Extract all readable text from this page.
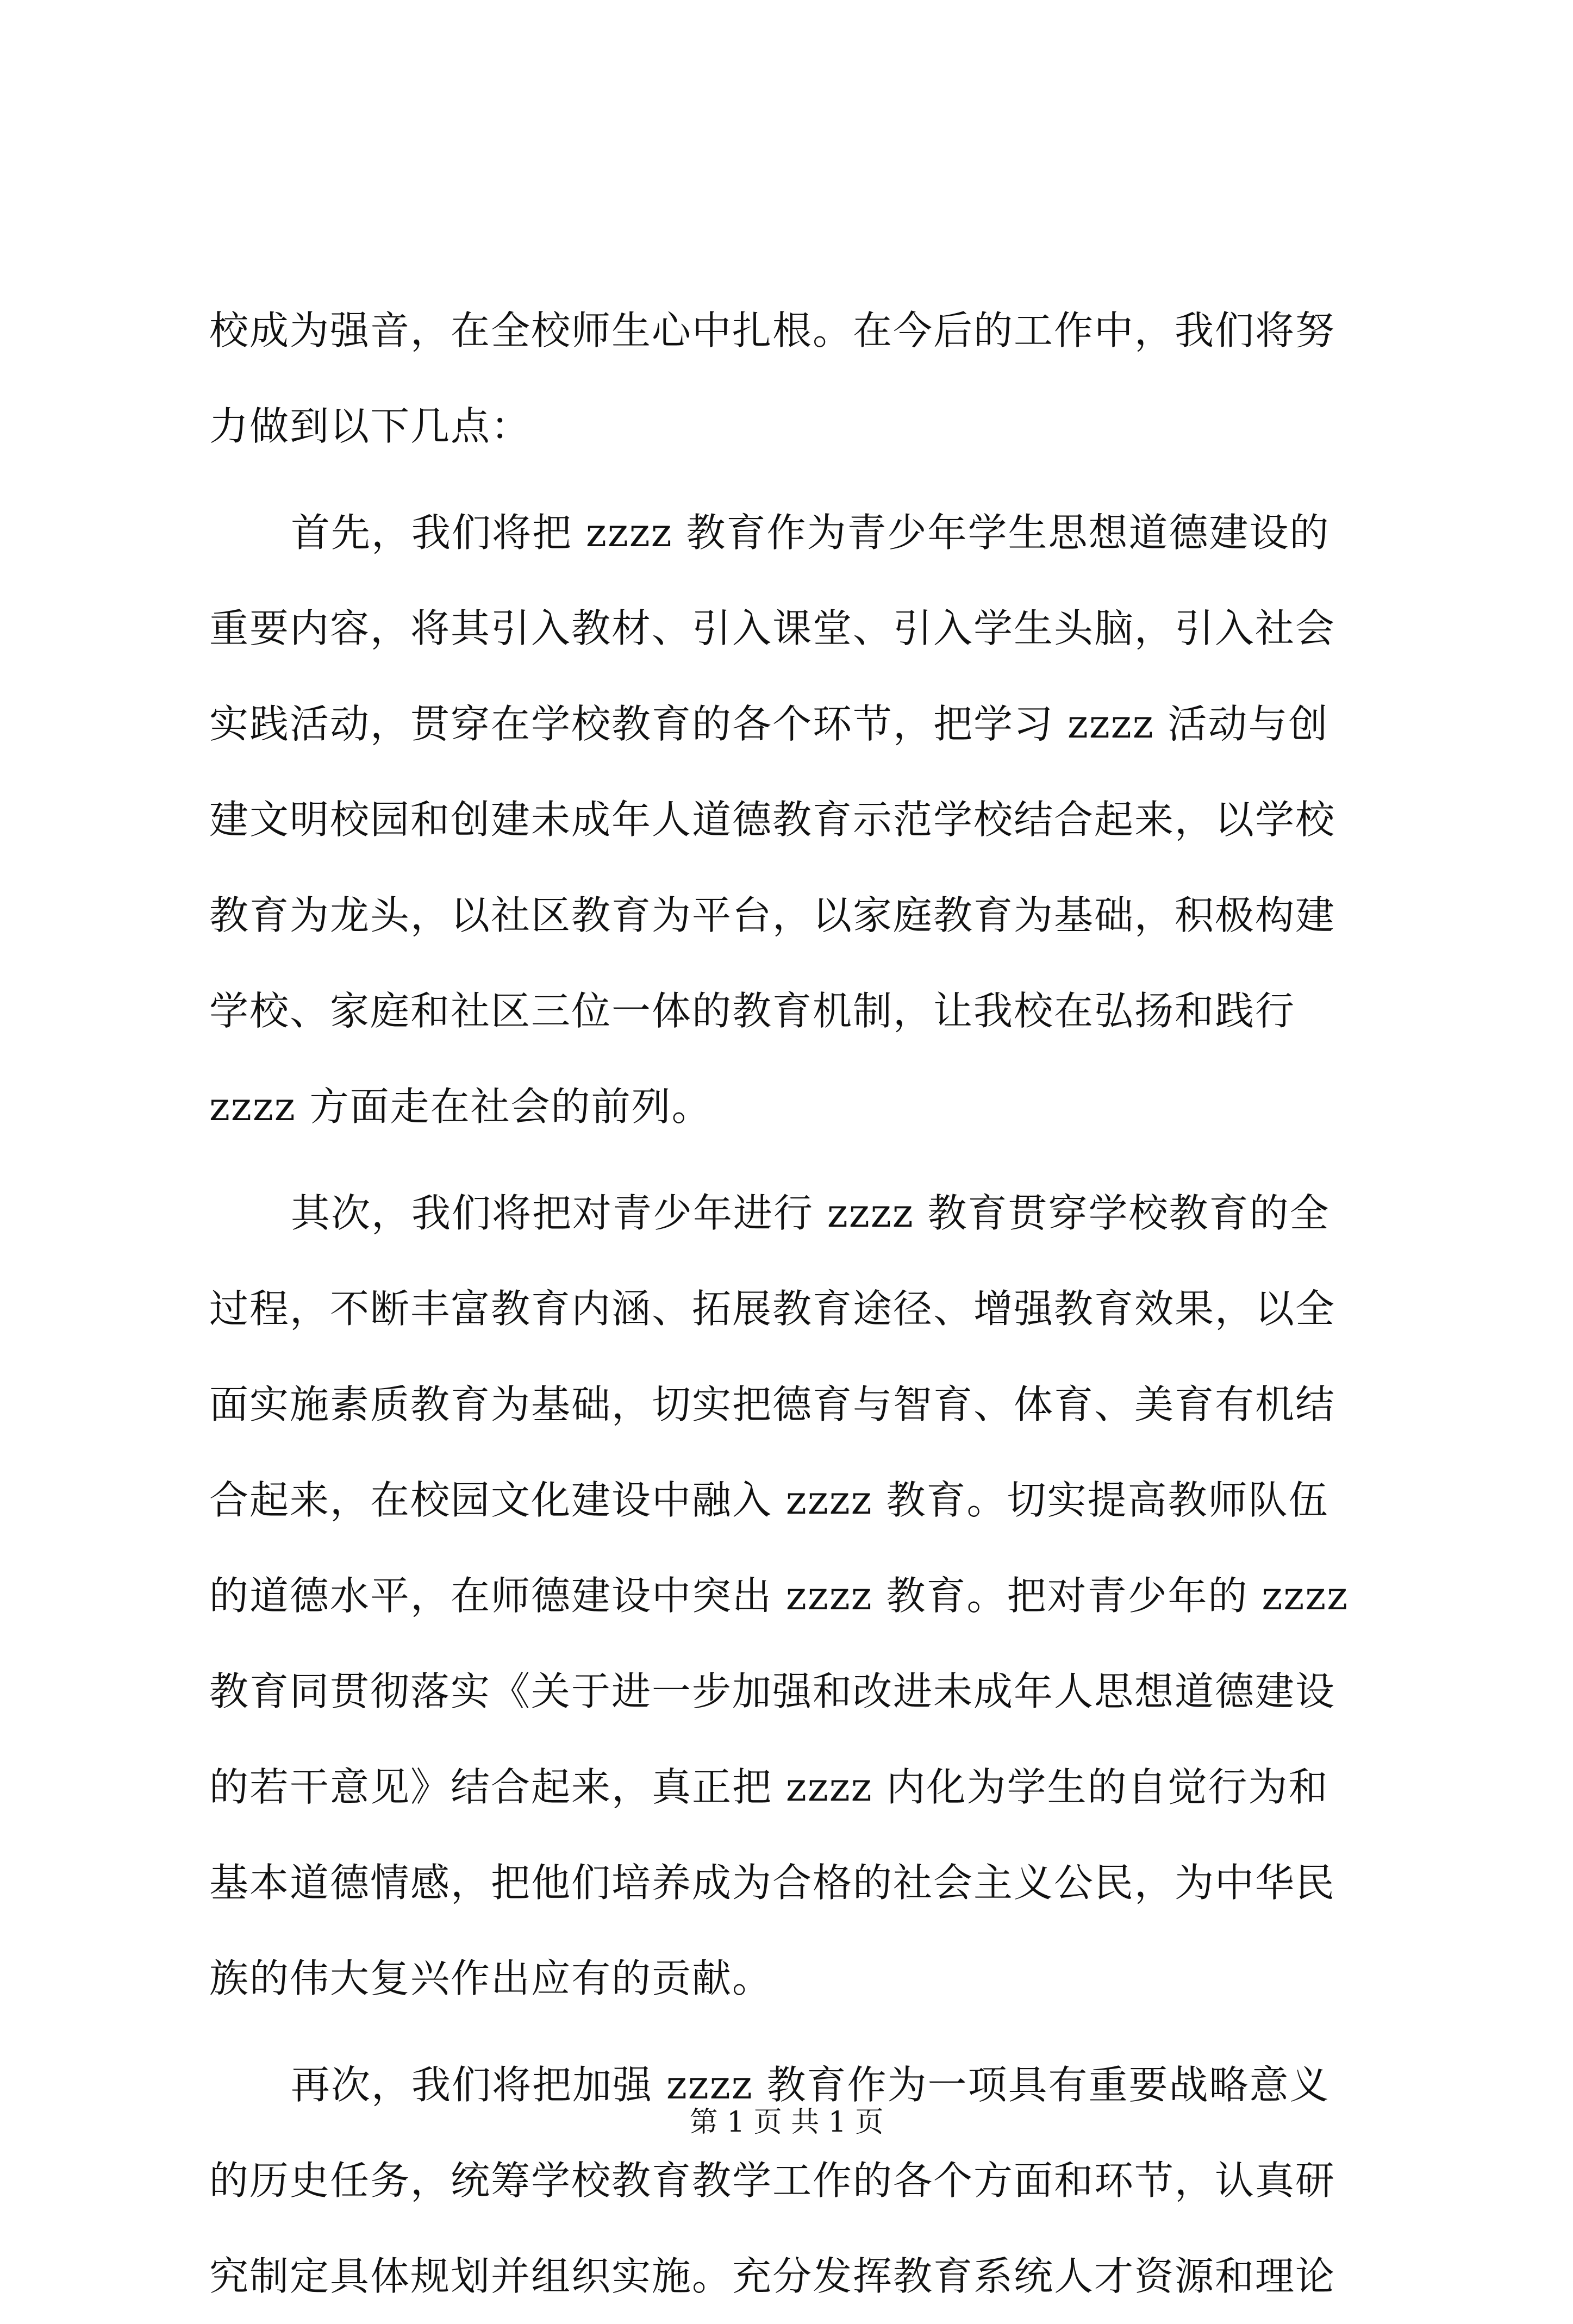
校成为强音，在全校师生心中扎根。在今后的工作中，我们将努
力做到以下几点：
首先，我们将把 zzzz 教育作为青少年学生思想道德建设的
重要内容，将其引入教材、引入课堂、引入学生头脑，引入社会
实践活动，贯穿在学校教育的各个环节，把学习 zzzz 活动与创
建文明校园和创建未成年人道德教育示范学校结合起来，以学校
教育为龙头，以社区教育为平台，以家庭教育为基础，积极构建
学校、家庭和社区三位一体的教育机制，让我校在弘扬和践行
zzzz 方面走在社会的前列。
其次，我们将把对青少年进行 zzzz 教育贯穿学校教育的全
过程，不断丰富教育内涵、拓展教育途径、增强教育效果，以全
面实施素质教育为基础，切实把德育与智育、体育、美育有机结
合起来，在校园文化建设中融入 zzzz 教育。切实提高教师队伍
的道德水平，在师德建设中突出 zzzz 教育。把对青少年的 zzzz
教育同贯彻落实《关于进一步加强和改进未成年人思想道德建设
的若干意见》结合起来，真正把 zzzz 内化为学生的自觉行为和
基本道德情感，把他们培养成为合格的社会主义公民，为中华民
族的伟大复兴作出应有的贡献。
再次，我们将把加强 zzzz 教育作为一项具有重要战略意义
的历史任务，统筹学校教育教学工作的各个方面和环节，认真研
究制定具体规划并组织实施。充分发挥教育系统人才资源和理论
第 1 页 共 1 页
